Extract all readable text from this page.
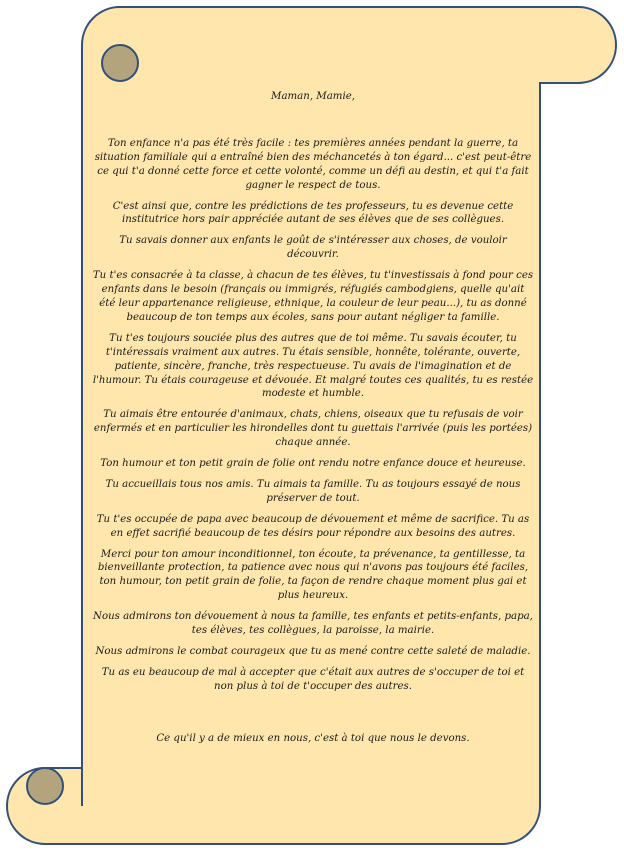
Maman, Mamie,

Ton enfance n'a pas été très facile : tes premières années pendant la guerre, ta situation familiale qui a entraîné bien des méchancetés à ton égard... c'est peut-être ce qui t'a donné cette force et cette volonté, comme un défi au destin, et qui t'a fait gagner le respect de tous.

C'est ainsi que, contre les prédictions de tes professeurs, tu es devenue cette institutrice hors pair appréciée autant de ses élèves que de ses collègues.

Tu savais donner aux enfants le goût de s'intéresser aux choses, de vouloir découvrir.

Tu t'es consacrée à ta classe, à chacun de tes élèves, tu t'investissais à fond pour ces enfants dans le besoin (français ou immigrés, réfugiés cambodgiens, quelle qu'ait été leur appartenance religieuse, ethnique, la couleur de leur peau...), tu as donné beaucoup de ton temps aux écoles, sans pour autant négliger ta famille.

Tu t'es toujours souciée plus des autres que de toi même. Tu savais écouter, tu t'intéressais vraiment aux autres. Tu étais sensible, honnête, tolérante, ouverte, patiente, sincère, franche, très respectueuse. Tu avais de l'imagination et de l'humour. Tu étais courageuse et dévouée. Et malgré toutes ces qualités, tu es restée modeste et humble.

Tu aimais être entourée d'animaux, chats, chiens, oiseaux que tu refusais de voir enfermés et en particulier les hirondelles dont tu guettais l'arrivée (puis les portées) chaque année.

Ton humour et ton petit grain de folie ont rendu notre enfance douce et heureuse.

Tu accueillais tous nos amis. Tu aimais ta famille. Tu as toujours essayé de nous préserver de tout.

Tu t'es occupée de papa avec beaucoup de dévouement et même de sacrifice. Tu as en effet sacrifié beaucoup de tes désirs pour répondre aux besoins des autres.

Merci pour ton amour inconditionnel, ton écoute, ta prévenance, ta gentillesse, ta bienveillante protection, ta patience avec nous qui n'avons pas toujours été faciles, ton humour, ton petit grain de folie, ta façon de rendre chaque moment plus gai et plus heureux.

Nous admirons ton dévouement à nous ta famille, tes enfants et petits-enfants, papa, tes élèves, tes collègues, la paroisse, la mairie.

Nous admirons le combat courageux que tu as mené contre cette saleté de maladie.

Tu as eu beaucoup de mal à accepter que c'était aux autres de s'occuper de toi et non plus à toi de t'occuper des autres.

Ce qu'il y a de mieux en nous, c'est à toi que nous le devons.
